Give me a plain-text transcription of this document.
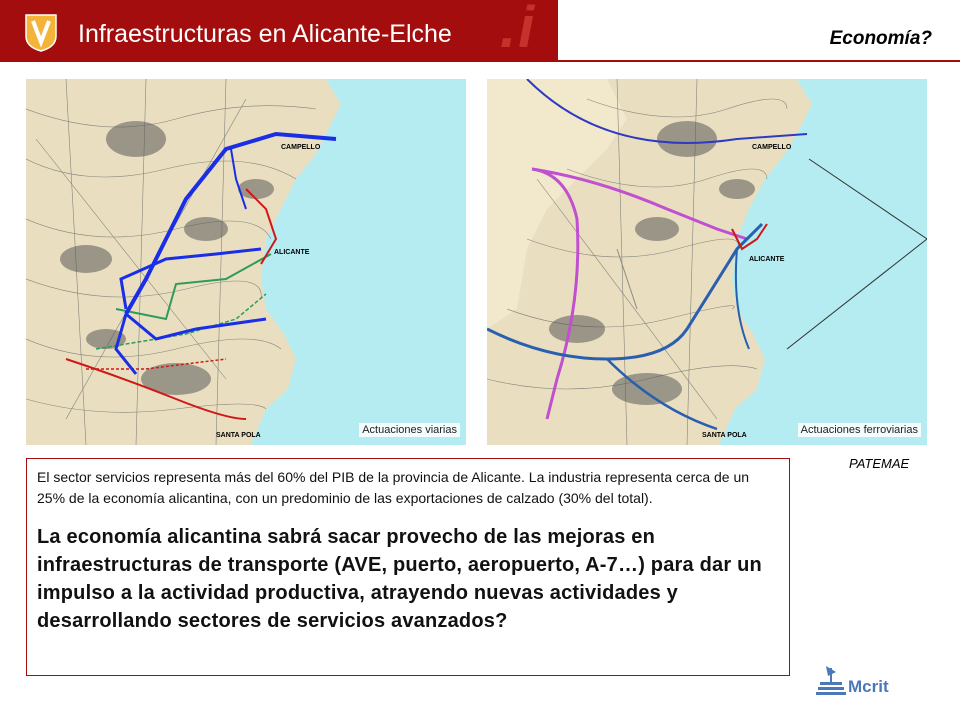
.i
Infraestructuras en Alicante-Elche	Economía?
CAMPELLO
ALICANTE
SANTA POLA	Actuaciones viarias
CAMPELLO
ALICANTE
SANTA POLA	Actuaciones ferroviarias
PATEMAE

El sector servicios representa más del 60% del PIB de la provincia de Alicante. La industria representa cerca de un 25% de la economía alicantina, con un predominio de las exportaciones de calzado (30% del total).

La economía alicantina sabrá sacar provecho de las mejoras en infraestructuras de transporte (AVE, puerto, aeropuerto, A-7…) para dar un impulso a la actividad productiva, atrayendo nuevas actividades y desarrollando sectores de servicios avanzados?

Mcrit
